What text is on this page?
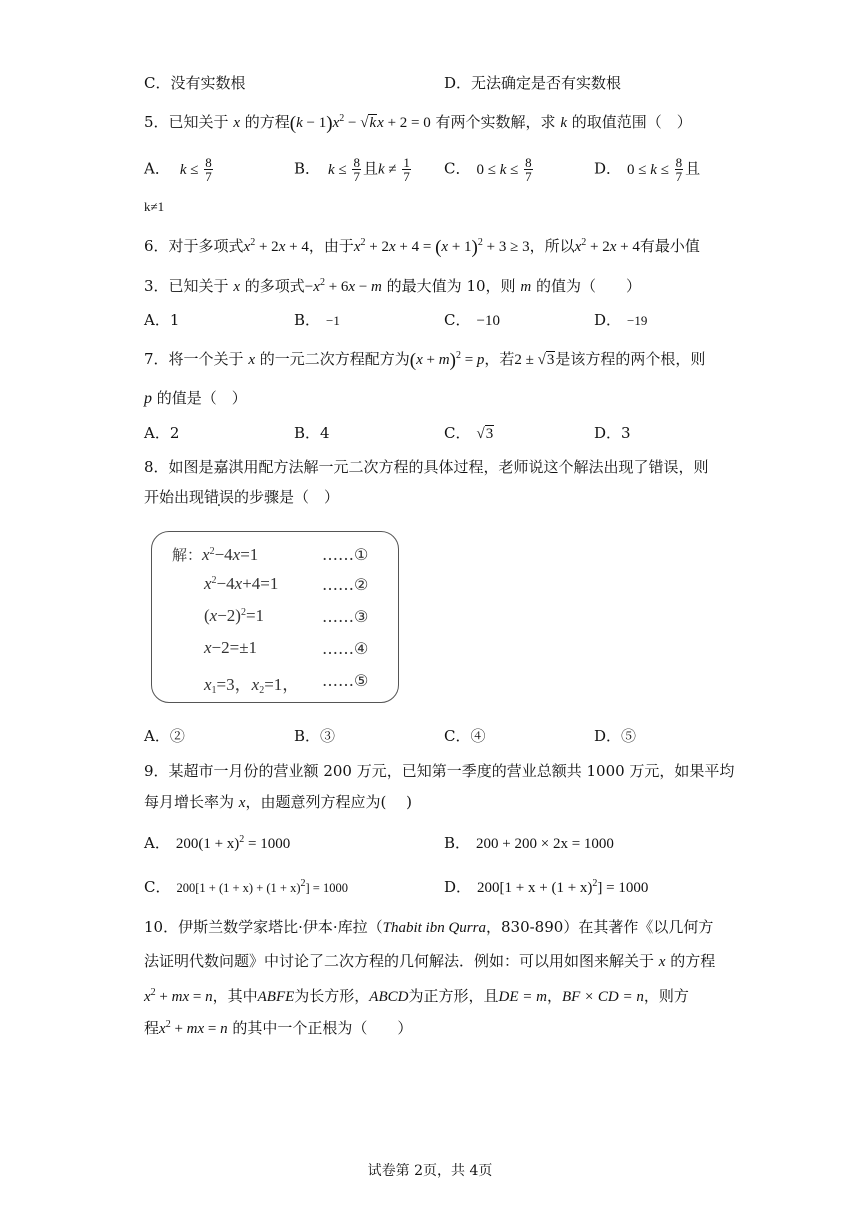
C．没有实数根	D．无法确定是否有实数根
5．已知关于 x 的方程$(k - 1)x^2 - √kx + 2 = 0$ 有两个实数解，求 k 的取值范围（　）
A． $k \le \frac{8}{7}$	B． $k \le \frac{8}{7}$ 且$k \ne \frac{1}{7}$ C． $0 \le k \le \frac{8}{7}$	D． $0 \le k \le \frac{8}{7}$ 且
k≠1
6．对于多项式$x^2 + 2x + 4$，由于$x^2 + 2x + 4 = (x + 1)^2 + 3 \ge 3$，所以$x^2 + 2x + 4$有最小值
3．已知关于 x 的多项式$-x^2 + 6x - m$ 的最大值为 10，则 m 的值为（　　）
A．1	B． −1	C． −10	D． −19
7．将一个关于 x 的一元二次方程配方为$(x + m)^2 = p$，若2 ± √3是该方程的两个根，则
p 的值是（　）
A．2	B．4	C． √3	D．3
8．如图是嘉淇用配方法解一元二次方程的具体过程，老师说这个解法出现了错误，则
开始出现错误的步骤是（　）
解：$x^2-4x=1$	……①
$x^2-4x+4=1$	……②
$(x-2)^2=1$	……③
x−2=±1	……④
$x_1=3$，$x_2=1$， ……⑤
A．②	B．③	C．④	D．⑤
9．某超市一月份的营业额 200 万元，已知第一季度的营业总额共 1000 万元，如果平均
每月增长率为 x，由题意列方程应为(　 )
A． $200(1 + x)^2 = 1000$	B． 200 + 200 × 2x = 1000
C． $200[1 + (1 + x) + (1 + x)^2] = 1000$	D． $200[1 + x + (1 + x)^2] = 1000$
10．伊斯兰数学家塔比·伊本·库拉（Thabit ibn Qurra，830-890）在其著作《以几何方
法证明代数问题》中讨论了二次方程的几何解法．例如：可以用如图来解关于 x 的方程
$x^2$ + mx = n，其中ABFE为长方形，ABCD为正方形，且DE = m，BF × CD = n，则方
程$x^2$ + mx = n 的其中一个正根为（　　）
试卷第 2页，共 4页
